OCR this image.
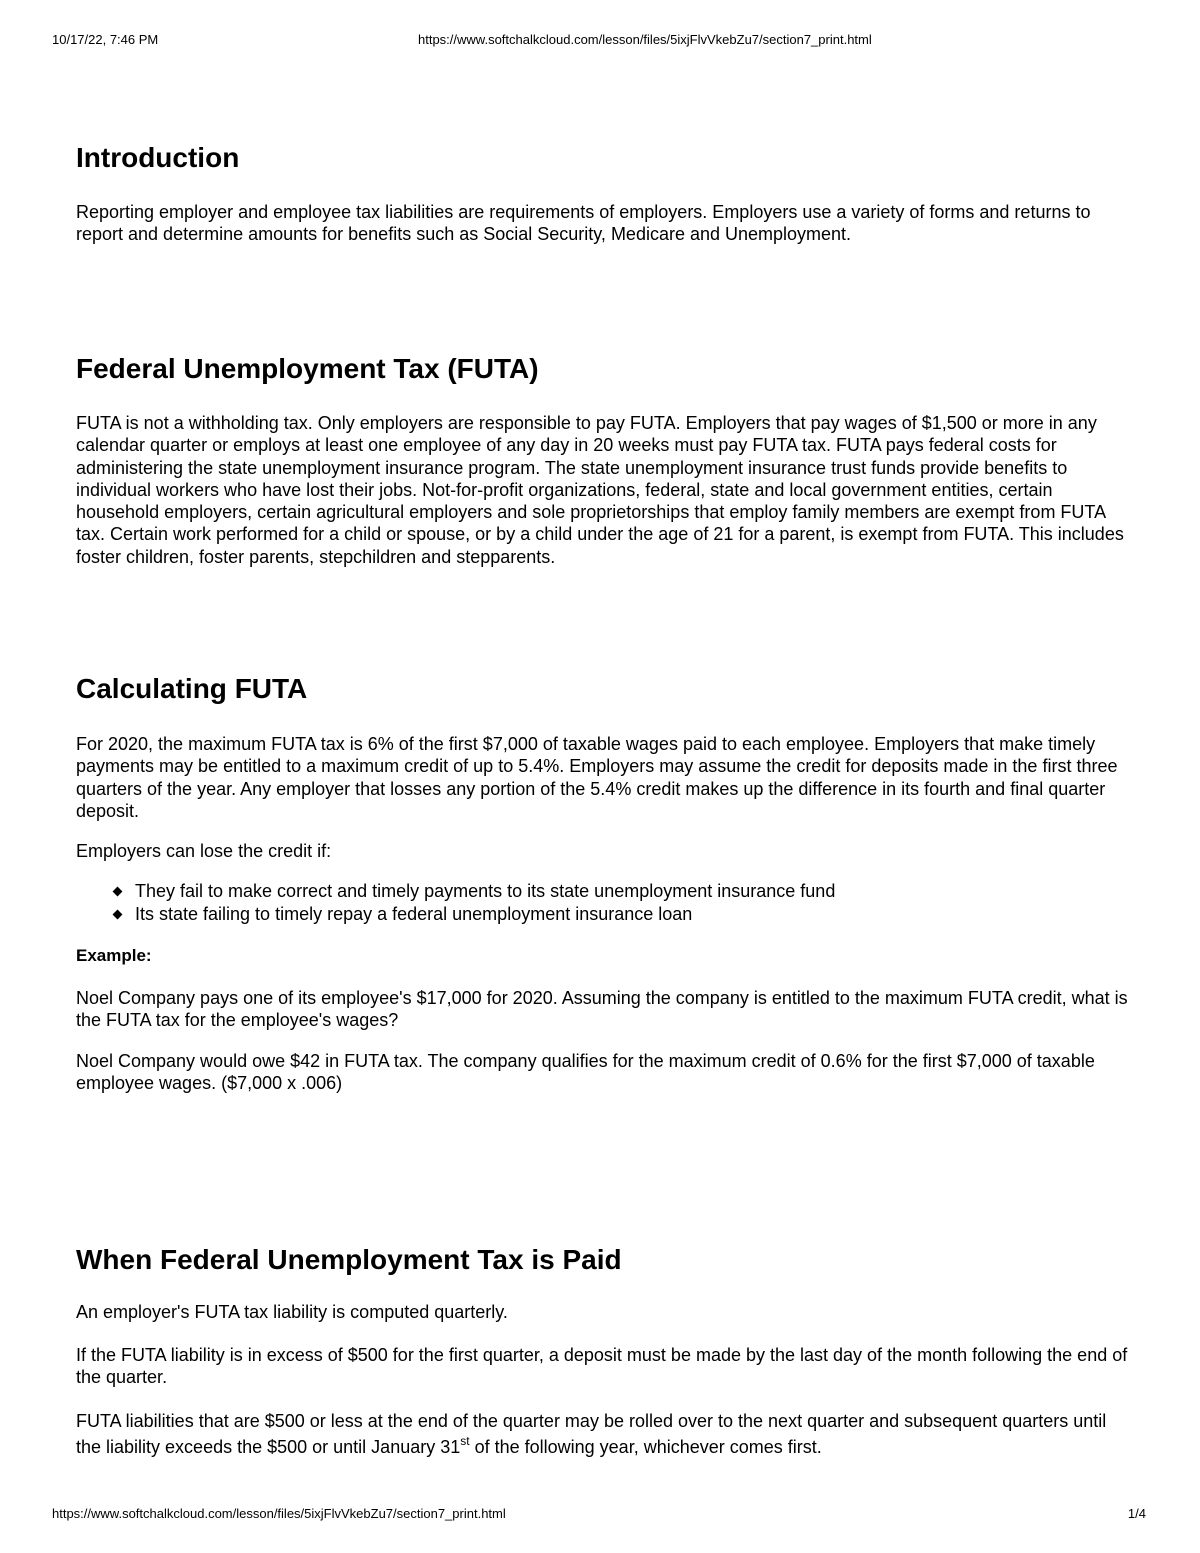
10/17/22, 7:46 PM	https://www.softchalkcloud.com/lesson/files/5ixjFlvVkebZu7/section7_print.html
Introduction

Reporting employer and employee tax liabilities are requirements of employers. Employers use a variety of forms and returns to report and determine amounts for benefits such as Social Security, Medicare and Unemployment.

Federal Unemployment Tax (FUTA)

FUTA is not a withholding tax. Only employers are responsible to pay FUTA. Employers that pay wages of $1,500 or more in any calendar quarter or employs at least one employee of any day in 20 weeks must pay FUTA tax. FUTA pays federal costs for administering the state unemployment insurance program. The state unemployment insurance trust funds provide benefits to individual workers who have lost their jobs. Not-for-profit organizations, federal, state and local government entities, certain household employers, certain agricultural employers and sole proprietorships that employ family members are exempt from FUTA tax. Certain work performed for a child or spouse, or by a child under the age of 21 for a parent, is exempt from FUTA. This includes foster children, foster parents, stepchildren and stepparents.

Calculating FUTA

For 2020, the maximum FUTA tax is 6% of the first $7,000 of taxable wages paid to each employee. Employers that make timely payments may be entitled to a maximum credit of up to 5.4%. Employers may assume the credit for deposits made in the first three quarters of the year. Any employer that losses any portion of the 5.4% credit makes up the difference in its fourth and final quarter deposit.

Employers can lose the credit if:

They fail to make correct and timely payments to its state unemployment insurance fund
Its state failing to timely repay a federal unemployment insurance loan

Example:

Noel Company pays one of its employee's $17,000 for 2020. Assuming the company is entitled to the maximum FUTA credit, what is the FUTA tax for the employee's wages?

Noel Company would owe $42 in FUTA tax. The company qualifies for the maximum credit of 0.6% for the first $7,000 of taxable employee wages. ($7,000 x .006)

When Federal Unemployment Tax is Paid

An employer's FUTA tax liability is computed quarterly.

If the FUTA liability is in excess of $500 for the first quarter, a deposit must be made by the last day of the month following the end of the quarter.

FUTA liabilities that are $500 or less at the end of the quarter may be rolled over to the next quarter and subsequent quarters until the liability exceeds the $500 or until January 31st of the following year, whichever comes first.

https://www.softchalkcloud.com/lesson/files/5ixjFlvVkebZu7/section7_print.html	1/4
